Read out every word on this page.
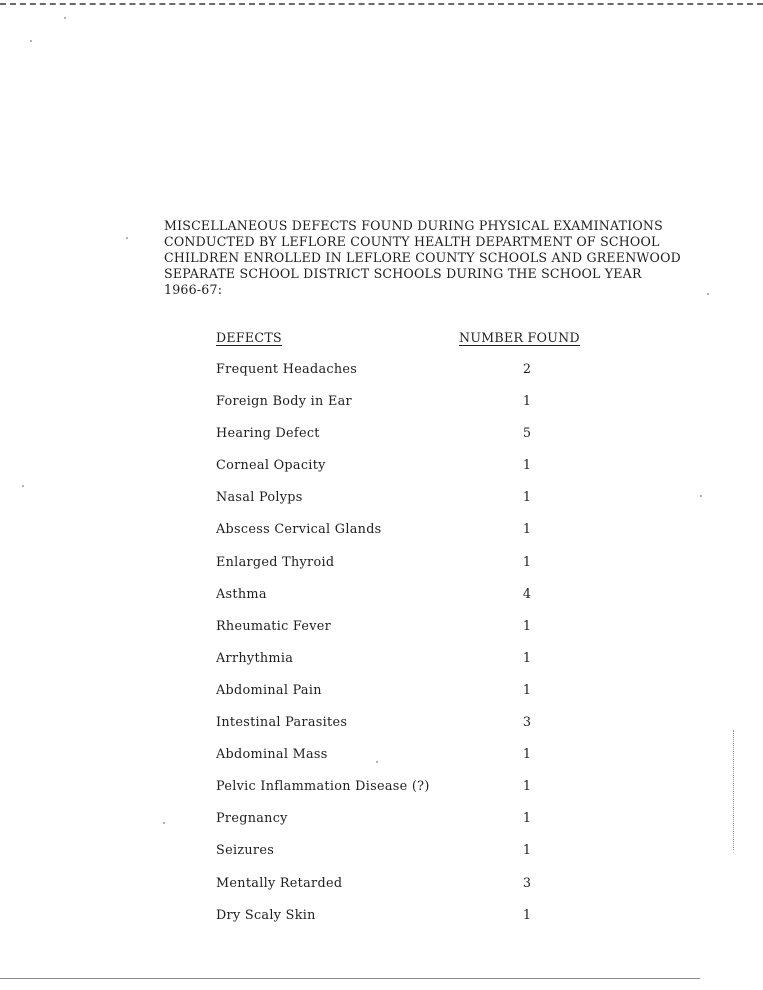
MISCELLANEOUS DEFECTS FOUND DURING PHYSICAL EXAMINATIONS
CONDUCTED BY LEFLORE COUNTY HEALTH DEPARTMENT OF SCHOOL
CHILDREN ENROLLED IN LEFLORE COUNTY SCHOOLS AND GREENWOOD
SEPARATE SCHOOL DISTRICT SCHOOLS DURING THE SCHOOL YEAR
1966-67:
DEFECTS	NUMBER FOUND
Frequent Headaches	2
Foreign Body in Ear	1
Hearing Defect	5
Corneal Opacity	1
Nasal Polyps	1
Abscess Cervical Glands	1
Enlarged Thyroid	1
Asthma	4
Rheumatic Fever	1
Arrhythmia	1
Abdominal Pain	1
Intestinal Parasites	3
Abdominal Mass	1
Pelvic Inflammation Disease (?)	1
Pregnancy	1
Seizures	1
Mentally Retarded	3
Dry Scaly Skin	1
